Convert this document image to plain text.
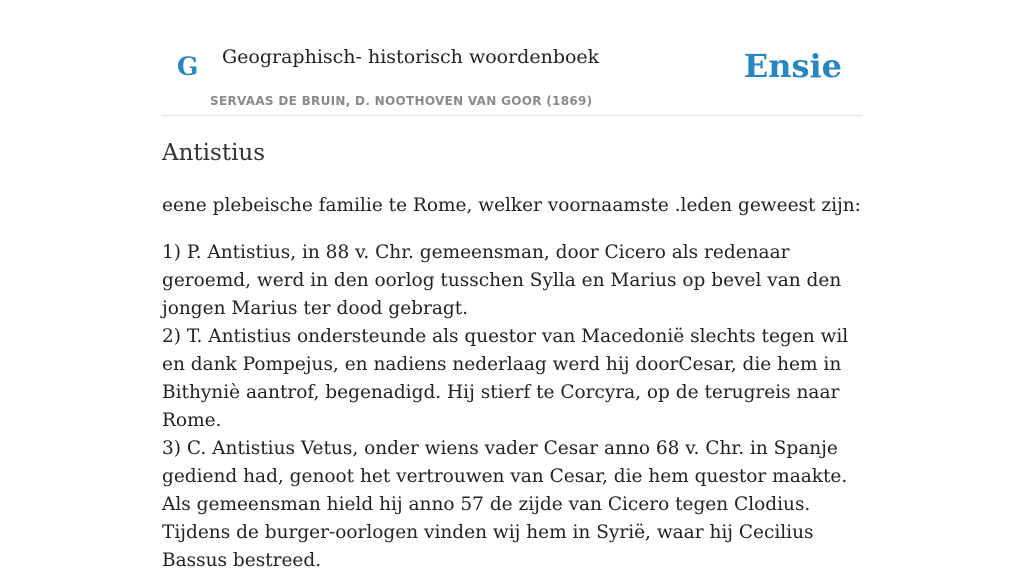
G Geographisch- historisch woordenboek
SERVAAS DE BRUIN, D. NOOTHOVEN VAN GOOR (1869)
Ensie
Antistius
eene plebeische familie te Rome, welker voornaamste .leden geweest zijn:

1) P. Antistius, in 88 v. Chr. gemeensman, door Cicero als redenaar geroemd, werd in den oorlog tusschen Sylla en Marius op bevel van den jongen Marius ter dood gebragt.

2) T. Antistius ondersteunde als questor van Macedonië slechts tegen wil en dank Pompejus, en nadiens nederlaag werd hij doorCesar, die hem in Bithyniè aantrof, begenadigd. Hij stierf te Corcyra, op de terugreis naar Rome.

3) C. Antistius Vetus, onder wiens vader Cesar anno 68 v. Chr. in Spanje gediend had, genoot het vertrouwen van Cesar, die hem questor maakte. Als gemeensman hield hij anno 57 de zijde van Cicero tegen Clodius. Tijdens de burger-oorlogen vinden wij hem in Syrië, waar hij Cecilius Bassus bestreed.
